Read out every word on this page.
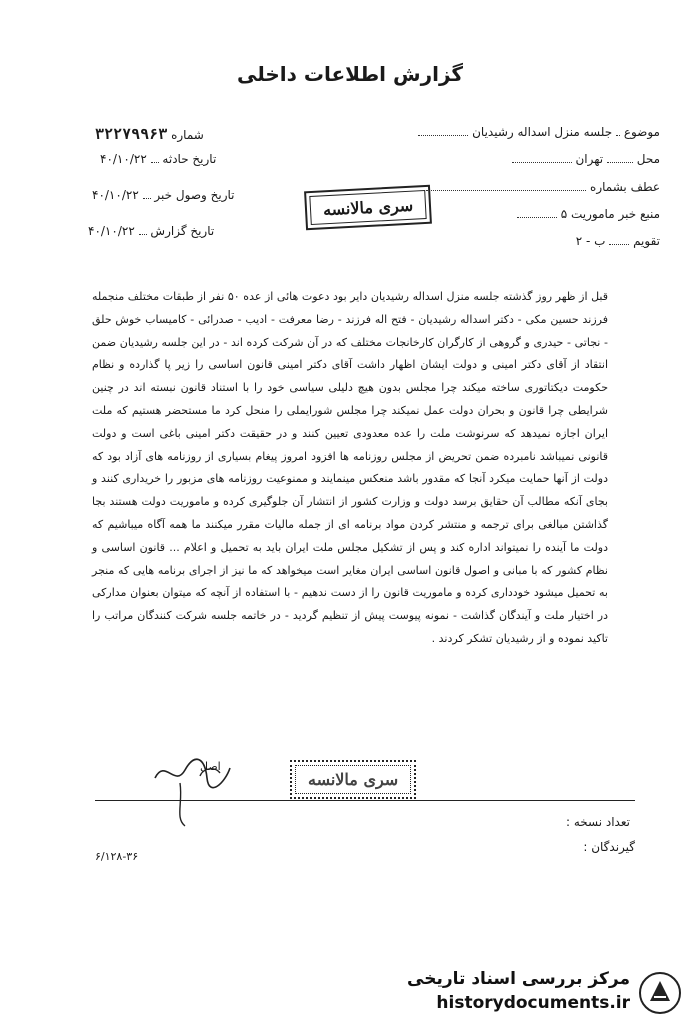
گزارش اطلاعات داخلی
موضوع  جلسه منزل اسداله رشیدیان
محل  تهران
عطف بشماره
منبع خبر ماموریت ۵
تقویم  ب - ۲
شماره ۳۲۲۷۹۹۶۳
تاریخ حادثه  ۴۰/۱۰/۲۲
تاریخ وصول خبر  ۴۰/۱۰/۲۲
تاریخ گزارش  ۴۰/۱۰/۲۲
سری مالانسه

قبل از ظهر روز گذشته جلسه منزل اسداله رشیدیان دایر بود دعوت هائی از عده ۵۰ نفر از طبقات مختلف منجمله فرزند حسین مکی - دکتر اسداله رشیدیان - فتح اله فرزند - رضا معرفت - ادیب - صدرائی - کامیساب خوش حلق - نجاتی - حیدری و گروهی از کارگران کارخانجات مختلف که در آن شرکت کرده اند - در این جلسه رشیدیان ضمن انتقاد از آقای دکتر امینی و دولت ایشان اظهار داشت آقای دکتر امینی قانون اساسی را زیر پا گذارده و نظام حکومت دیکتاتوری ساخته میکند چرا مجلس بدون هیچ دلیلی سیاسی خود را با استناد قانون نبسته اند در چنین شرایطی چرا قانون و بحران دولت عمل نمیکند چرا مجلس شورایملی را منحل کرد ما مستحضر هستیم که ملت ایران اجازه نمیدهد که سرنوشت ملت را عده معدودی تعیین کنند و در حقیقت دکتر امینی باغی است و دولت قانونی نمیباشد نامبرده ضمن تحریض از مجلس روزنامه ها افزود امروز پیغام بسیاری از روزنامه های آزاد بود که دولت از آنها حمایت میکرد آنجا که مقدور باشد منعکس مینمایند و ممنوعیت روزنامه های مزبور را خریداری کنند و بجای آنکه مطالب آن حقایق برسد دولت و وزارت کشور از انتشار آن جلوگیری کرده و ماموریت دولت هستند بجا گذاشتن مبالغی برای ترجمه و منتشر کردن مواد برنامه ای از جمله مالیات مقرر میکنند ما همه آگاه میباشیم که دولت ما آینده را نمیتواند اداره کند و پس از تشکیل مجلس ملت ایران باید به تحمیل و اعلام ... قانون اساسی و نظام کشور که با مبانی و اصول قانون اساسی ایران مغایر است میخواهد که ما نیز از اجرای برنامه هایی که منجر به تحمیل میشود خودداری کرده و ماموریت قانون را از دست ندهیم - با استفاده از آنچه که میتوان بعنوان مدارکی در اختیار ملت و آیندگان گذاشت - نمونه پیوست پیش از تنظیم گردید - در خاتمه جلسه شرکت کنندگان مراتب را تاکید نموده و از رشیدیان تشکر کردند .

اصل
سری مالانسه
تعداد نسخه :
گیرندگان :
۶/۱۲۸-۳۶
مرکز بررسی اسناد تاریخی
historydocuments.ir
